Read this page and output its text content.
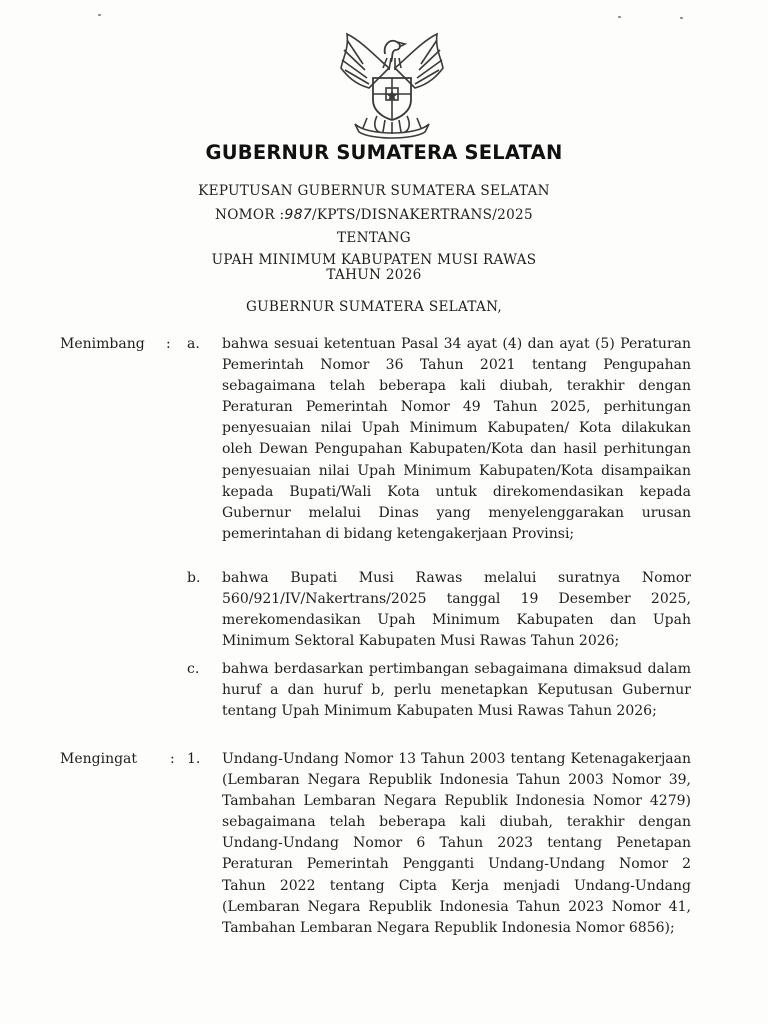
GUBERNUR SUMATERA SELATAN
KEPUTUSAN GUBERNUR SUMATERA SELATAN
NOMOR :987/KPTS/DISNAKERTRANS/2025
TENTANG
UPAH MINIMUM KABUPATEN MUSI RAWAS
TAHUN 2026
GUBERNUR SUMATERA SELATAN,
Menimbang : a. bahwa sesuai ketentuan Pasal 34 ayat (4) dan ayat (5) Peraturan Pemerintah Nomor 36 Tahun 2021 tentang Pengupahan sebagaimana telah beberapa kali diubah, terakhir dengan Peraturan Pemerintah Nomor 49 Tahun 2025, perhitungan penyesuaian nilai Upah Minimum Kabupaten/ Kota dilakukan oleh Dewan Pengupahan Kabupaten/Kota dan hasil perhitungan penyesuaian nilai Upah Minimum Kabupaten/Kota disampaikan kepada Bupati/Wali Kota untuk direkomendasikan kepada Gubernur melalui Dinas yang menyelenggarakan urusan pemerintahan di bidang ketengakerjaan Provinsi;

b. bahwa Bupati Musi Rawas melalui suratnya Nomor 560/921/IV/Nakertrans/2025 tanggal 19 Desember 2025, merekomendasikan Upah Minimum Kabupaten dan Upah Minimum Sektoral Kabupaten Musi Rawas Tahun 2026;

c. bahwa berdasarkan pertimbangan sebagaimana dimaksud dalam huruf a dan huruf b, perlu menetapkan Keputusan Gubernur tentang Upah Minimum Kabupaten Musi Rawas Tahun 2026;

Mengingat : 1. Undang-Undang Nomor 13 Tahun 2003 tentang Ketenagakerjaan (Lembaran Negara Republik Indonesia Tahun 2003 Nomor 39, Tambahan Lembaran Negara Republik Indonesia Nomor 4279) sebagaimana telah beberapa kali diubah, terakhir dengan Undang-Undang Nomor 6 Tahun 2023 tentang Penetapan Peraturan Pemerintah Pengganti Undang-Undang Nomor 2 Tahun 2022 tentang Cipta Kerja menjadi Undang-Undang (Lembaran Negara Republik Indonesia Tahun 2023 Nomor 41, Tambahan Lembaran Negara Republik Indonesia Nomor 6856);
